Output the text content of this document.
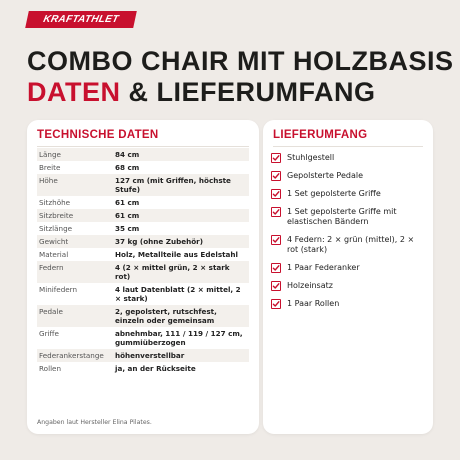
KRAFTATHLET
COMBO CHAIR MIT HOLZBASIS
DATEN & LIEFERUMFANG
TECHNISCHE DATEN
Länge	84 cm
Breite	68 cm
Höhe	127 cm (mit Griffen, höchste Stufe)
Sitzhöhe	61 cm
Sitzbreite	61 cm
Sitzlänge	35 cm
Gewicht	37 kg (ohne Zubehör)
Material	Holz, Metallteile aus Edelstahl
Federn	4 (2 × mittel grün, 2 × stark rot)
Minifedern	4 laut Datenblatt (2 × mittel, 2 × stark)
Pedale	2, gepolstert, rutschfest, einzeln oder gemeinsam
Griffe	abnehmbar, 111 / 119 / 127 cm, gummiüberzogen
Federankerstange	höhenverstellbar
Rollen	ja, an der Rückseite
Angaben laut Hersteller Elina Pilates.
LIEFERUMFANG
Stuhlgestell
Gepolsterte Pedale
1 Set gepolsterte Griffe
1 Set gepolsterte Griffe mit elastischen Bändern
4 Federn: 2 × grün (mittel), 2 × rot (stark)
1 Paar Federanker
Holzeinsatz
1 Paar Rollen
